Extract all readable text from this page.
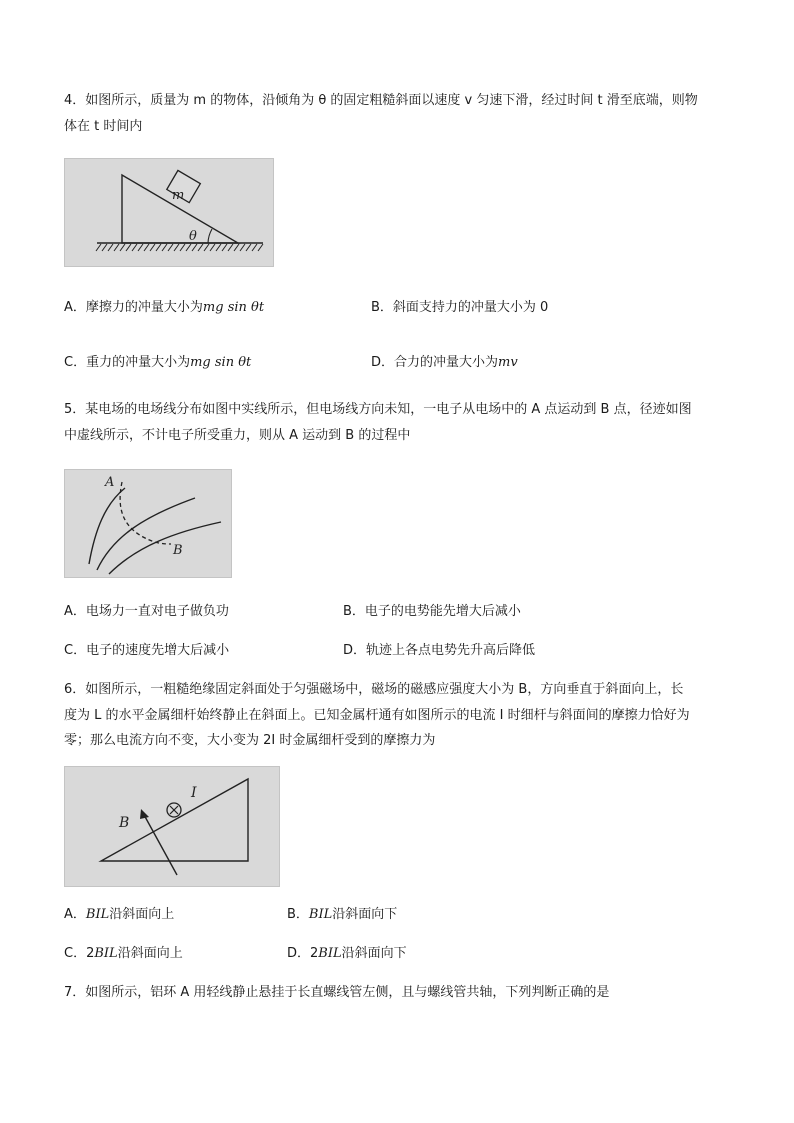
4．如图所示，质量为 m 的物体，沿倾角为 θ 的固定粗糙斜面以速度 v 匀速下滑，经过时间 t 滑至底端，则物
体在 t 时间内
m
θ
A．摩擦力的冲量大小为mg sin θt	B．斜面支持力的冲量大小为 0
C．重力的冲量大小为mg sin θt	D．合力的冲量大小为mv
5．某电场的电场线分布如图中实线所示，但电场线方向未知，一电子从电场中的 A 点运动到 B 点，径迹如图
中虚线所示，不计电子所受重力，则从 A 运动到 B 的过程中
A
B
A．电场力一直对电子做负功	B．电子的电势能先增大后减小
C．电子的速度先增大后减小	D．轨迹上各点电势先升高后降低
6．如图所示，一粗糙绝缘固定斜面处于匀强磁场中，磁场的磁感应强度大小为 B，方向垂直于斜面向上，长
度为 L 的水平金属细杆始终静止在斜面上。已知金属杆通有如图所示的电流 I 时细杆与斜面间的摩擦力恰好为
零；那么电流方向不变，大小变为 2I 时金属细杆受到的摩擦力为
B
I
A．BIL沿斜面向上	B．BIL沿斜面向下
C．2BIL沿斜面向上	D．2BIL沿斜面向下
7．如图所示，铝环 A 用轻线静止悬挂于长直螺线管左侧，且与螺线管共轴，下列判断正确的是
